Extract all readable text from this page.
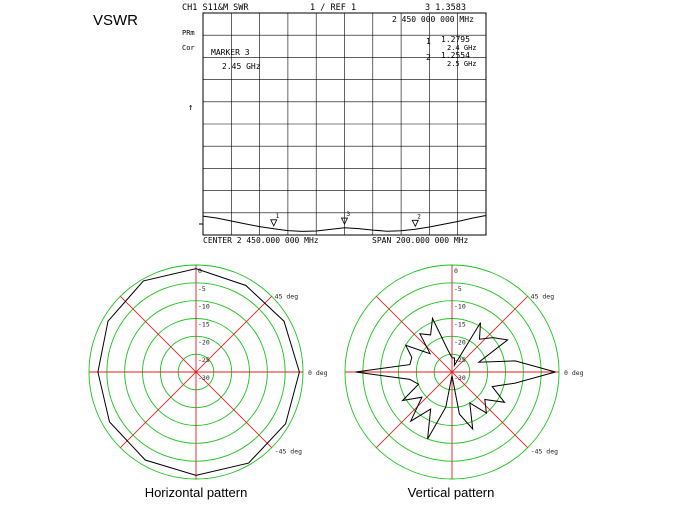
VSWR
CH1 S11&M SWR	1 / REF 1	3 1.3583
2 450 000 000 MHz
PRm
Cor
↑
MARKER 3
2.45 GHz
1 1.2795
2.4 GHz
2 1.2554
2.5 GHz
1	2
3
CENTER 2 450.000 000 MHz	SPAN 200.000 000 MHz
0
-5
-10
-15
-20
-25
-30
45 deg
0 deg
-45 deg
0
-5
-10
-15
-20
-25
-30
45 deg
0 deg
-45 deg
Horizontal pattern	Vertical pattern
